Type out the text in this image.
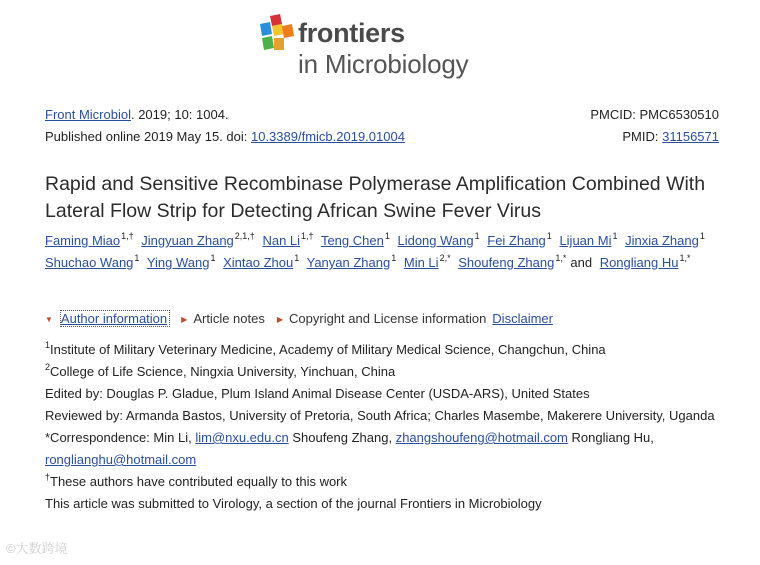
frontiers
in Microbiology
Front Microbiol. 2019; 10: 1004.
Published online 2019 May 15. doi: 10.3389/fmicb.2019.01004
PMCID: PMC6530510
PMID: 31156571
Rapid and Sensitive Recombinase Polymerase Amplification Combined With Lateral Flow Strip for Detecting African Swine Fever Virus
Faming Miao$^{1,\dagger}$ Jingyuan Zhang$^{2,1,\dagger}$ Nan $Li^{1,\dagger}$ Teng Chen$^1$ Lidong Wang$^1$ Fei Zhang$^1$ Lijuan Mi$^1$ Jinxia Zhang$^1$ Shuchao Wang$^1$ Ying Wang$^1$ Xintao Zhou$^1$ Yanyan Zhang$^1$ Min $Li^{2,*}$ Shoufeng Zhang$^{1,*}$ and Rongliang $Hu^{1,*}$
▼ Author information ▶ Article notes ▶ Copyright and License information Disclaimer
$^1$Institute of Military Veterinary Medicine, Academy of Military Medical Science, Changchun, China
$^2$College of Life Science, Ningxia University, Yinchuan, China
Edited by: Douglas P. Gladue, Plum Island Animal Disease Center (USDA-ARS), United States
Reviewed by: Armanda Bastos, University of Pretoria, South Africa; Charles Masembe, Makerere University, Uganda
*Correspondence: Min Li, lim@nxu.edu.cn Shoufeng Zhang, zhangshoufeng@hotmail.com Rongliang Hu, ronglianghu@hotmail.com
†These authors have contributed equally to this work
This article was submitted to Virology, a section of the journal Frontiers in Microbiology
©大数跨境
